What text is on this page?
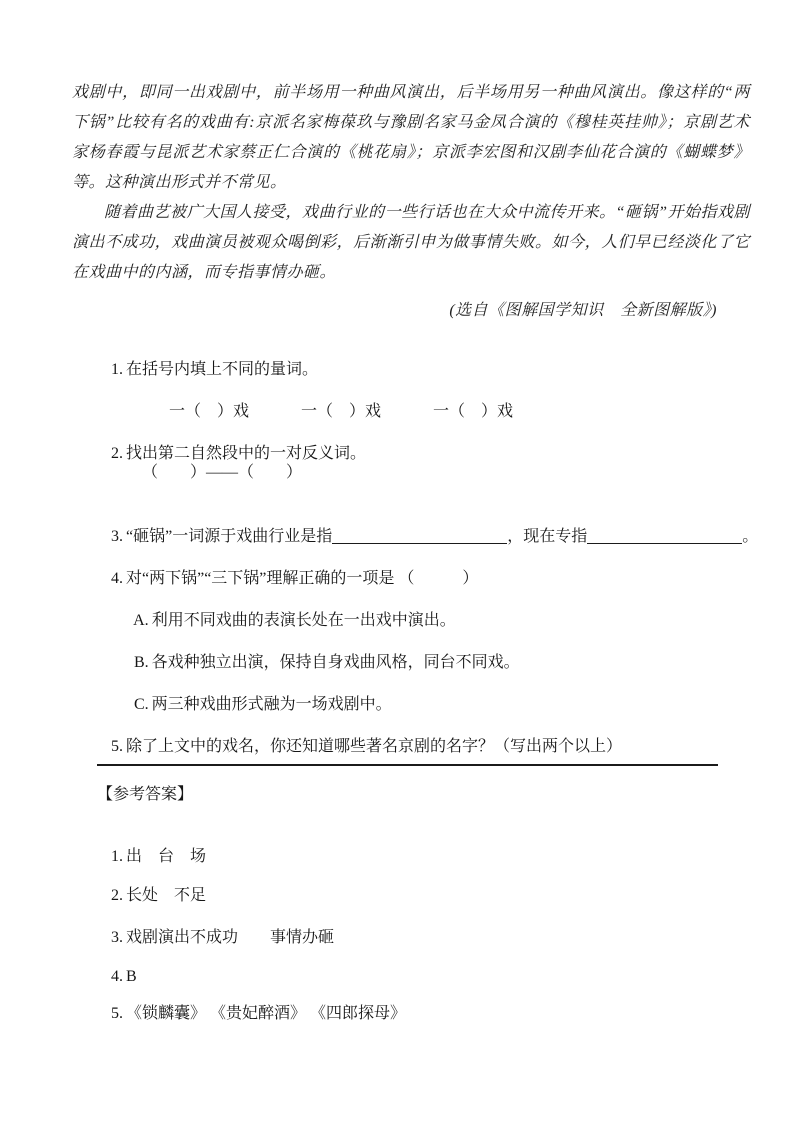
戏剧中，即同一出戏剧中，前半场用一种曲风演出，后半场用另一种曲风演出。像这样的“两下锅”比较有名的戏曲有:京派名家梅葆玖与豫剧名家马金凤合演的《穆桂英挂帅》；京剧艺术家杨春霞与昆派艺术家蔡正仁合演的《桃花扇》；京派李宏图和汉剧李仙花合演的《蝴蝶梦》等。这种演出形式并不常见。

随着曲艺被广大国人接受，戏曲行业的一些行话也在大众中流传开来。“砸锅”开始指戏剧演出不成功，戏曲演员被观众喝倒彩，后渐渐引申为做事情失败。如今，人们早已经淡化了它在戏曲中的内涵，而专指事情办砸。

(选自《图解国学知识　全新图解版》)

1. 在括号内填上不同的量词。

一（　）戏	一（　）戏	一（　）戏

2. 找出第二自然段中的一对反义词。

（　　）——（　　）

3. “砸锅”一词源于戏曲行业是指	，现在专指	。

4. 对“两下锅”“三下锅”理解正确的一项是 （　　　）

A. 利用不同戏曲的表演长处在一出戏中演出。

B. 各戏种独立出演，保持自身戏曲风格，同台不同戏。

C. 两三种戏曲形式融为一场戏剧中。

5. 除了上文中的戏名，你还知道哪些著名京剧的名字？（写出两个以上）

【参考答案】

1. 出　台　场

2. 长处　不足

3. 戏剧演出不成功　　事情办砸

4. B

5. 《锁麟囊》 《贵妃醉酒》 《四郎探母》
